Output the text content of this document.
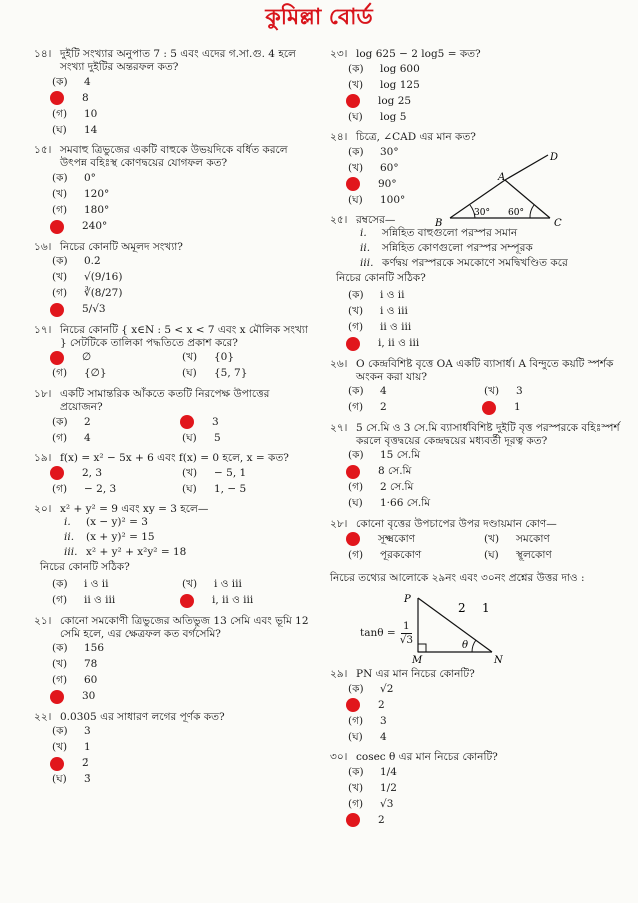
কুমিল্লা বোর্ড
১৪। দুইটি সংখ্যার অনুপাত 7 : 5 এবং এদের গ.সা.গু. 4 হলে সংখ্যা দুইটির অন্তরফল কত?
(ক)	4
8
(গ)	10
(ঘ)	14
১৫। সমবাহু ত্রিভুজের একটি বাহুকে উভয়দিকে বর্ধিত করলে উৎপন্ন বহিঃস্থ কোণদ্বয়ের যোগফল কত?
(ক)	0°
(খ)	120°
(গ)	180°
240°
১৬। নিচের কোনটি অমূলদ সংখ্যা?
(ক)	0.2̇
(খ)	√(9/16)
(গ)	∛(8/27)
5/√3
১৭। নিচের কোনটি { x∈N : 5 < x < 7 এবং x মৌলিক সংখ্যা } সেটটিকে তালিকা পদ্ধতিতে প্রকাশ করে?
∅	(খ)	{0}
(গ)	{∅}	(ঘ)	{5, 7}
১৮। একটি সামান্তরিক আঁকতে কতটি নিরপেক্ষ উপাত্তের প্রয়োজন?
(ক)	2	3
(গ)	4	(ঘ)	5
১৯। f(x) = x² − 5x + 6 এবং f(x) = 0 হলে, x = কত?
2, 3	(খ)	− 5, 1
(গ)	− 2, 3	(ঘ)	1, − 5
২০। x² + y² = 9 এবং xy = 3 হলে—
i.	(x − y)² = 3
ii.	(x + y)² = 15
iii. x² + y² + x²y² = 18
নিচের কোনটি সঠিক?
(ক)	i ও ii	(খ)	i ও iii
(গ)	ii ও iii	i, ii ও iii
২১। কোনো সমকোণী ত্রিভুজের অতিভুজ 13 সেমি এবং ভূমি 12 সেমি হলে, এর ক্ষেত্রফল কত বর্গসেমি?
(ক)	156
(খ)	78
(গ)	60
30
২২। 0.0305 এর সাধারণ লগের পূর্ণক কত?
(ক)	3
(খ)	1
2̄
(ঘ)	3̄
২৩। log 625 − 2 log5 = কত?
(ক)	log 600
(খ)	log 125
log 25
(ঘ)	log 5
২৪। চিত্রে, ∠CAD এর মান কত?
(ক)	30°
(খ)	60°
90°
(ঘ)	100°
২৫। রম্বসের—
i.	সন্নিহিত বাহুগুলো পরস্পর সমান
ii.	সন্নিহিত কোণগুলো পরস্পর সম্পূরক
iii. কর্ণদ্বয় পরস্পরকে সমকোণে সমদ্বিখণ্ডিত করে
নিচের কোনটি সঠিক?
(ক)	i ও ii
(খ)	i ও iii
(গ)	ii ও iii
i, ii ও iii
২৬। O কেন্দ্রবিশিষ্ট বৃত্তে OA একটি ব্যাসার্ধ। A বিন্দুতে কয়টি স্পর্শক অংকন করা যায়?
(ক)	4	(খ)	3
(গ)	2	1
২৭। 5 সে.মি ও 3 সে.মি ব্যাসার্ধবিশিষ্ট দুইটি বৃত্ত পরস্পরকে বহিঃস্পর্শ করলে বৃত্তদ্বয়ের কেন্দ্রদ্বয়ের মধ্যবর্তী দূরত্ব কত?
(ক)	15 সে.মি
8 সে.মি
(গ)	2 সে.মি
(ঘ)	1·66 সে.মি
২৮। কোনো বৃত্তের উপচাপের উপর দণ্ডায়মান কোণ—
সূক্ষ্মকোণ	(খ)	সমকোণ
(গ)	পূরককোণ	(ঘ)	স্থূলকোণ
A
B	C
D
30° 60°
নিচের তথ্যের আলোকে ২৯নং এবং ৩০নং প্রশ্নের উত্তর দাও :
$\tan\theta = \frac{1}{√3}$
P
M	N
θ
2 1
২৯। PN এর মান নিচের কোনটি?
(ক)	√2
2
(গ)	3
(ঘ)	4
৩০। cosec θ এর মান নিচের কোনটি?
(ক)	1/4
(খ)	1/2
(গ)	√3
2
